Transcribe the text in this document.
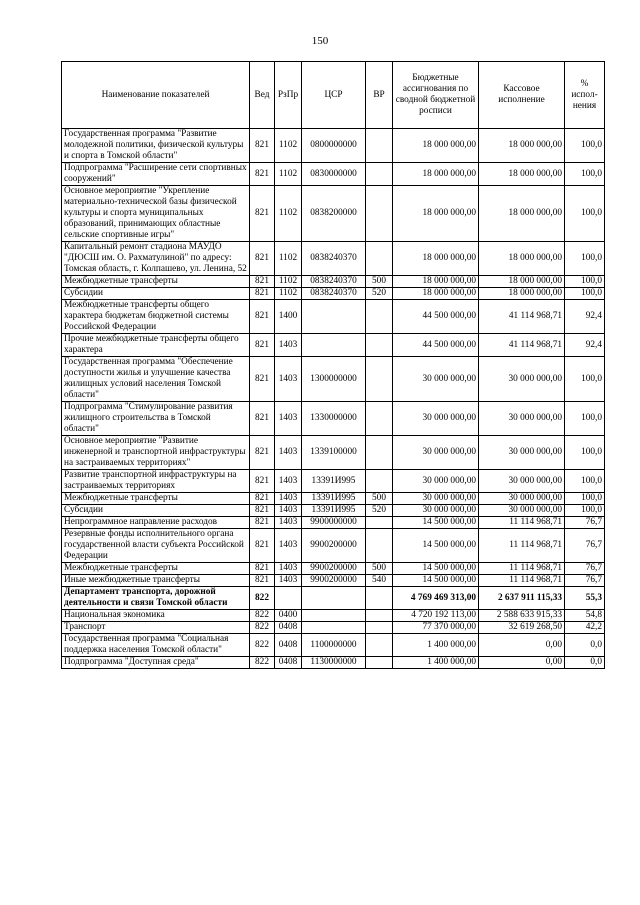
150
Наименование показателей	Вед	РзПр	ЦСР	ВР	Бюджетные ассигнования по сводной бюджетной росписи	Кассовое исполнение	% испол-нения
Государственная программа "Развитие молодежной политики, физической культуры и спорта в Томской области"	821	1102	0800000000		18 000 000,00	18 000 000,00	100,0
Подпрограмма "Расширение сети спортивных сооружений"	821	1102	0830000000		18 000 000,00	18 000 000,00	100,0
Основное мероприятие "Укрепление материально-технической базы физической культуры и спорта муниципальных образований, принимающих областные сельские спортивные игры"	821	1102	0838200000		18 000 000,00	18 000 000,00	100,0
Капитальный ремонт стадиона МАУДО "ДЮСШ им. О. Рахматулиной" по адресу: Томская область, г. Колпашево, ул. Ленина, 52	821	1102	0838240370		18 000 000,00	18 000 000,00	100,0
Межбюджетные трансферты	821	1102	0838240370	500	18 000 000,00	18 000 000,00	100,0
Субсидии	821	1102	0838240370	520	18 000 000,00	18 000 000,00	100,0
Межбюджетные трансферты общего характера бюджетам бюджетной системы Российской Федерации	821	1400			44 500 000,00	41 114 968,71	92,4
Прочие межбюджетные трансферты общего характера	821	1403			44 500 000,00	41 114 968,71	92,4
Государственная программа "Обеспечение доступности жилья и улучшение качества жилищных условий населения Томской области"	821	1403	1300000000		30 000 000,00	30 000 000,00	100,0
Подпрограмма "Стимулирование развития жилищного строительства в Томской области"	821	1403	1330000000		30 000 000,00	30 000 000,00	100,0
Основное мероприятие "Развитие инженерной и транспортной инфраструктуры на застраиваемых территориях"	821	1403	1339100000		30 000 000,00	30 000 000,00	100,0
Развитие транспортной инфраструктуры на застраиваемых территориях	821	1403	13391И995		30 000 000,00	30 000 000,00	100,0
Межбюджетные трансферты	821	1403	13391И995	500	30 000 000,00	30 000 000,00	100,0
Субсидии	821	1403	13391И995	520	30 000 000,00	30 000 000,00	100,0
Непрограммное направление расходов	821	1403	9900000000		14 500 000,00	11 114 968,71	76,7
Резервные фонды исполнительного органа государственной власти субъекта Российской Федерации	821	1403	9900200000		14 500 000,00	11 114 968,71	76,7
Межбюджетные трансферты	821	1403	9900200000	500	14 500 000,00	11 114 968,71	76,7
Иные межбюджетные трансферты	821	1403	9900200000	540	14 500 000,00	11 114 968,71	76,7
Департамент транспорта, дорожной деятельности и связи Томской области	822				4 769 469 313,00	2 637 911 115,33	55,3
Национальная экономика	822	0400			4 720 192 113,00	2 588 633 915,33	54,8
Транспорт	822	0408			77 370 000,00	32 619 268,50	42,2
Государственная программа "Социальная поддержка населения Томской области"	822	0408	1100000000		1 400 000,00	0,00	0,0
Подпрограмма "Доступная среда"	822	0408	1130000000		1 400 000,00	0,00	0,0
